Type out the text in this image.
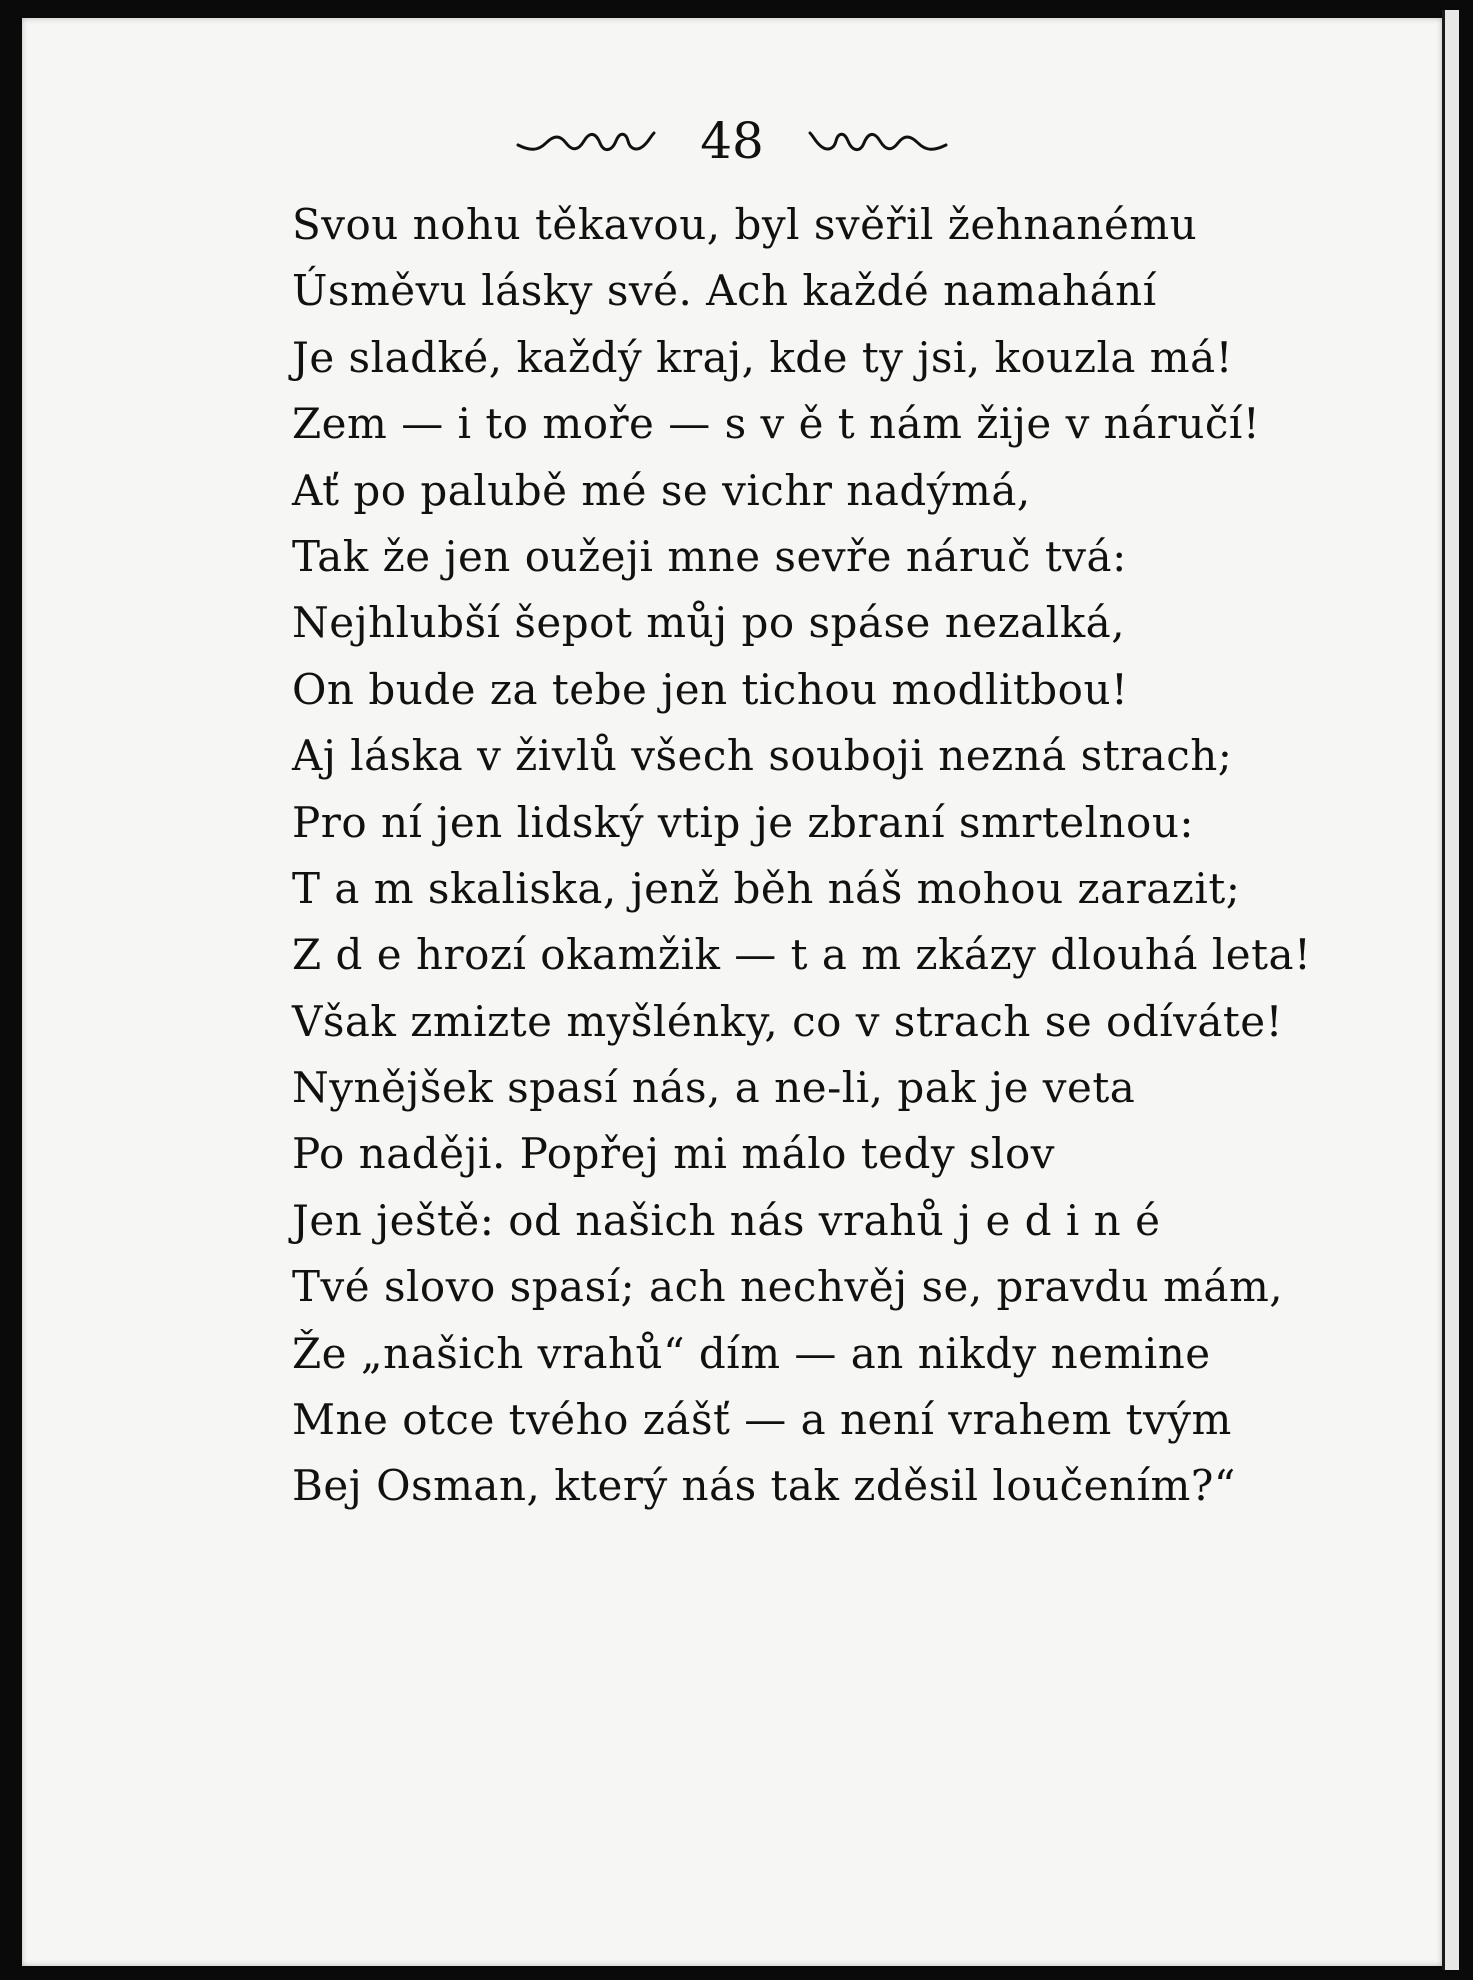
48
Svou nohu těkavou, byl svěřil žehnanému
Úsměvu lásky své. Ach každé namahání
Je sladké, každý kraj, kde ty jsi, kouzla má!
Zem — i to moře — s v ě t nám žije v náručí!
Ať po palubě mé se vichr nadýmá,
Tak že jen oužeji mne sevře náruč tvá:
Nejhlubší šepot můj po spáse nezalká,
On bude za tebe jen tichou modlitbou!
Aj láska v živlů všech souboji nezná strach;
Pro ní jen lidský vtip je zbraní smrtelnou:
T a m skaliska, jenž běh náš mohou zarazit;
Z d e hrozí okamžik — t a m zkázy dlouhá leta!
Však zmizte myšlénky, co v strach se odíváte!
Nynějšek spasí nás, a ne-li, pak je veta
Po naději. Popřej mi málo tedy slov
Jen ještě: od našich nás vrahů j e d i n é
Tvé slovo spasí; ach nechvěj se, pravdu mám,
Že „našich vrahů“ dím — an nikdy nemine
Mne otce tvého zášť — a není vrahem tvým
Bej Osman, který nás tak zděsil loučením?“
